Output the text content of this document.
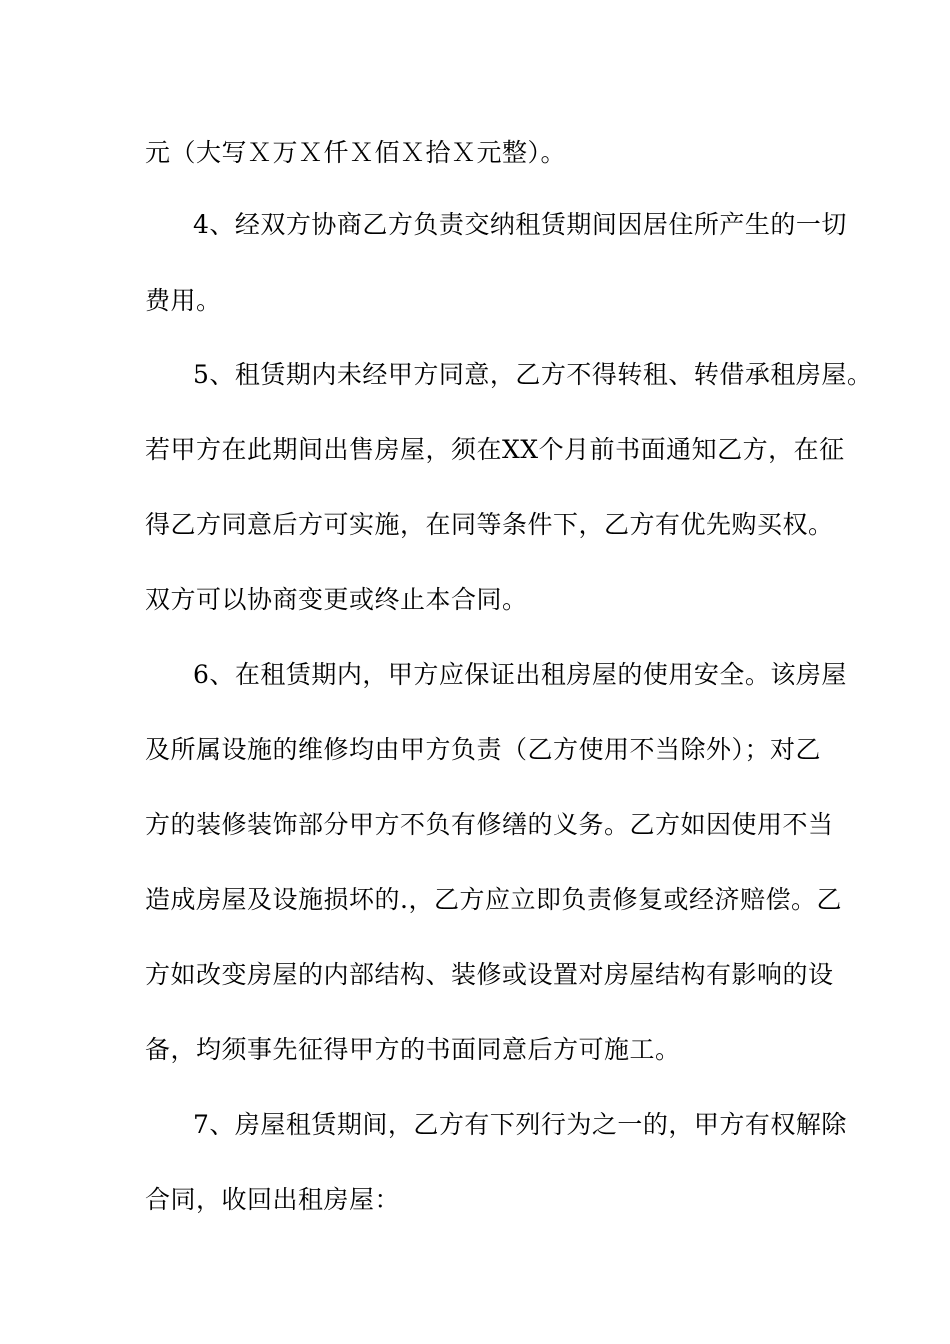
元（大写Ｘ万Ｘ仟Ｘ佰Ｘ拾Ｘ元整）。
4、经双方协商乙方负责交纳租赁期间因居住所产生的一切
费用。
5、租赁期内未经甲方同意，乙方不得转租、转借承租房屋。
若甲方在此期间出售房屋，须在XX个月前书面通知乙方，在征
得乙方同意后方可实施，在同等条件下，乙方有优先购买权。
双方可以协商变更或终止本合同。
6、在租赁期内，甲方应保证出租房屋的使用安全。该房屋
及所属设施的维修均由甲方负责（乙方使用不当除外）；对乙
方的装修装饰部分甲方不负有修缮的义务。乙方如因使用不当
造成房屋及设施损坏的.，乙方应立即负责修复或经济赔偿。乙
方如改变房屋的内部结构、装修或设置对房屋结构有影响的设
备，均须事先征得甲方的书面同意后方可施工。
7、房屋租赁期间，乙方有下列行为之一的，甲方有权解除
合同，收回出租房屋：
